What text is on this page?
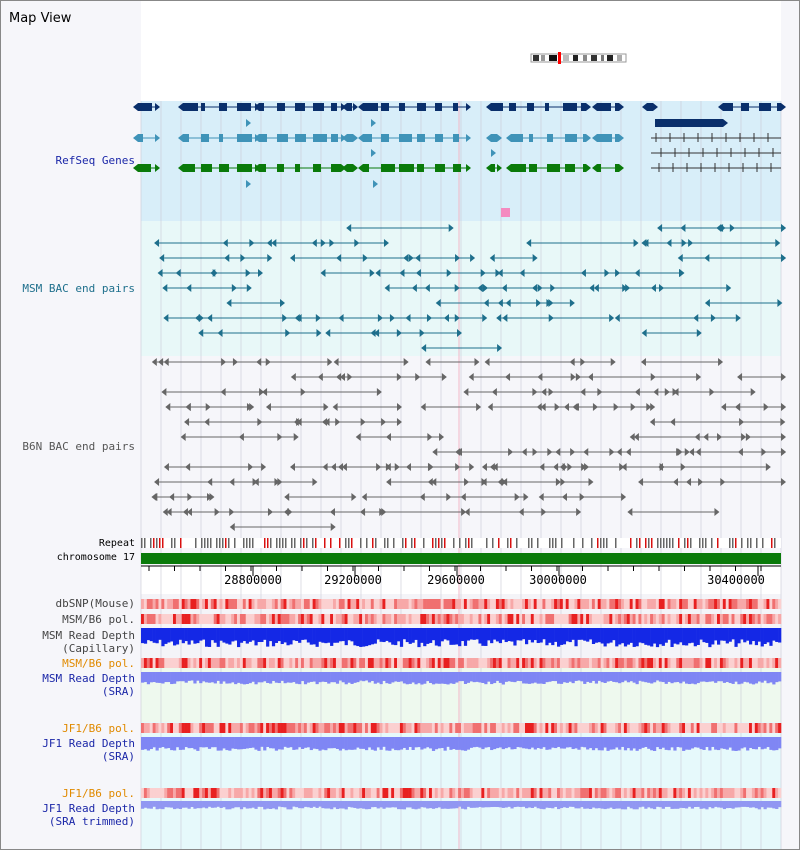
Map View
28800000	29200000	29600000	30000000	30400000
RefSeq Genes
MSM BAC end pairs
B6N BAC end pairs
Repeat
chromosome 17
dbSNP(Mouse)
MSM/B6 pol.
MSM Read Depth
(Capillary)
MSM/B6 pol.
MSM Read Depth
(SRA)
JF1/B6 pol.
JF1 Read Depth
(SRA)
JF1/B6 pol.
JF1 Read Depth
(SRA trimmed)
